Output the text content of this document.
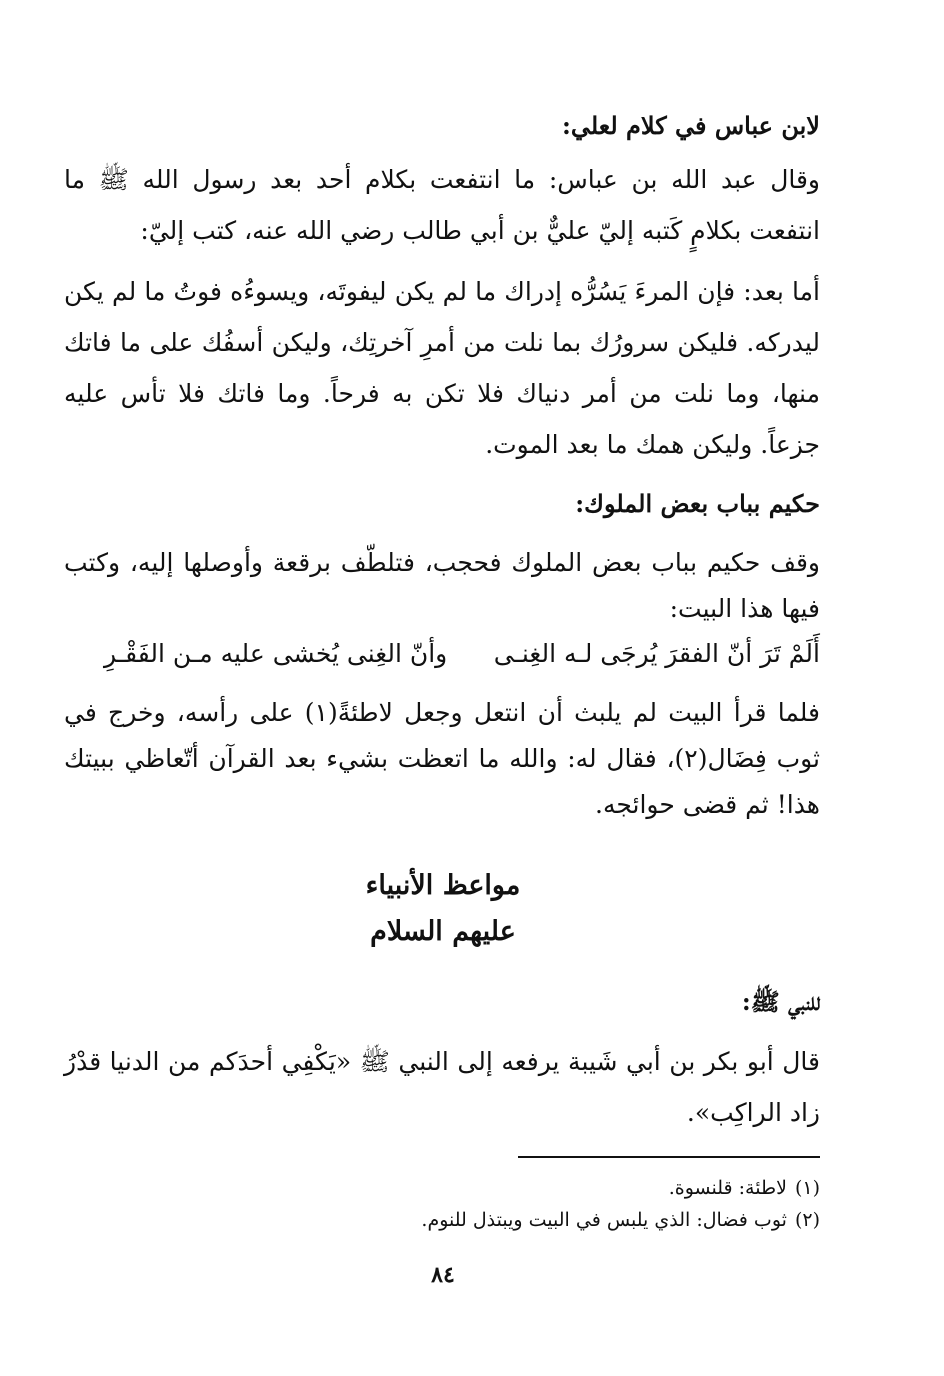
لابن عباس في كلام لعلي:
وقال عبد الله بن عباس: ما انتفعت بكلام أحد بعد رسول الله ﷺ ما انتفعت بكلامٍ كَتبه إليّ عليٌّ بن أبي طالب رضي الله عنه، كتب إليّ:
أما بعد: فإن المرءَ يَسُرُّه إدراك ما لم يكن ليفوتَه، ويسوءُه فوتُ ما لم يكن ليدركه. فليكن سرورُك بما نلت من أمرِ آخرتِك، وليكن أسفُك على ما فاتك منها، وما نلت من أمر دنياك فلا تكن به فرحاً. وما فاتك فلا تأس عليه جزعاً. وليكن همك ما بعد الموت.
حكيم بباب بعض الملوك:
وقف حكيم بباب بعض الملوك فحجب، فتلطّف برقعة وأوصلها إليه، وكتب فيها هذا البيت:
أَلَمْ تَرَ أنّ الفقرَ يُرجَى لـه الغِنـى
وأنّ الغِنى يُخشى عليه مـن الفَقْـرِ
فلما قرأ البيت لم يلبث أن انتعل وجعل لاطئةً(١) على رأسه، وخرج في ثوب فِضَال(٢)، فقال له: والله ما اتعظت بشيء بعد القرآن أتّعاظي ببيتك هذا! ثم قضى حوائجه.
مواعظ الأنبياء
عليهم السلام
للنبي ﷺ:
قال أبو بكر بن أبي شَيبة يرفعه إلى النبي ﷺ «يَكْفِي أحدَكم من الدنيا قدْرُ زاد الراكِب».
(١)لاطئة: قلنسوة.
(٢)ثوب فضال: الذي يلبس في البيت ويبتذل للنوم.
٨٤
